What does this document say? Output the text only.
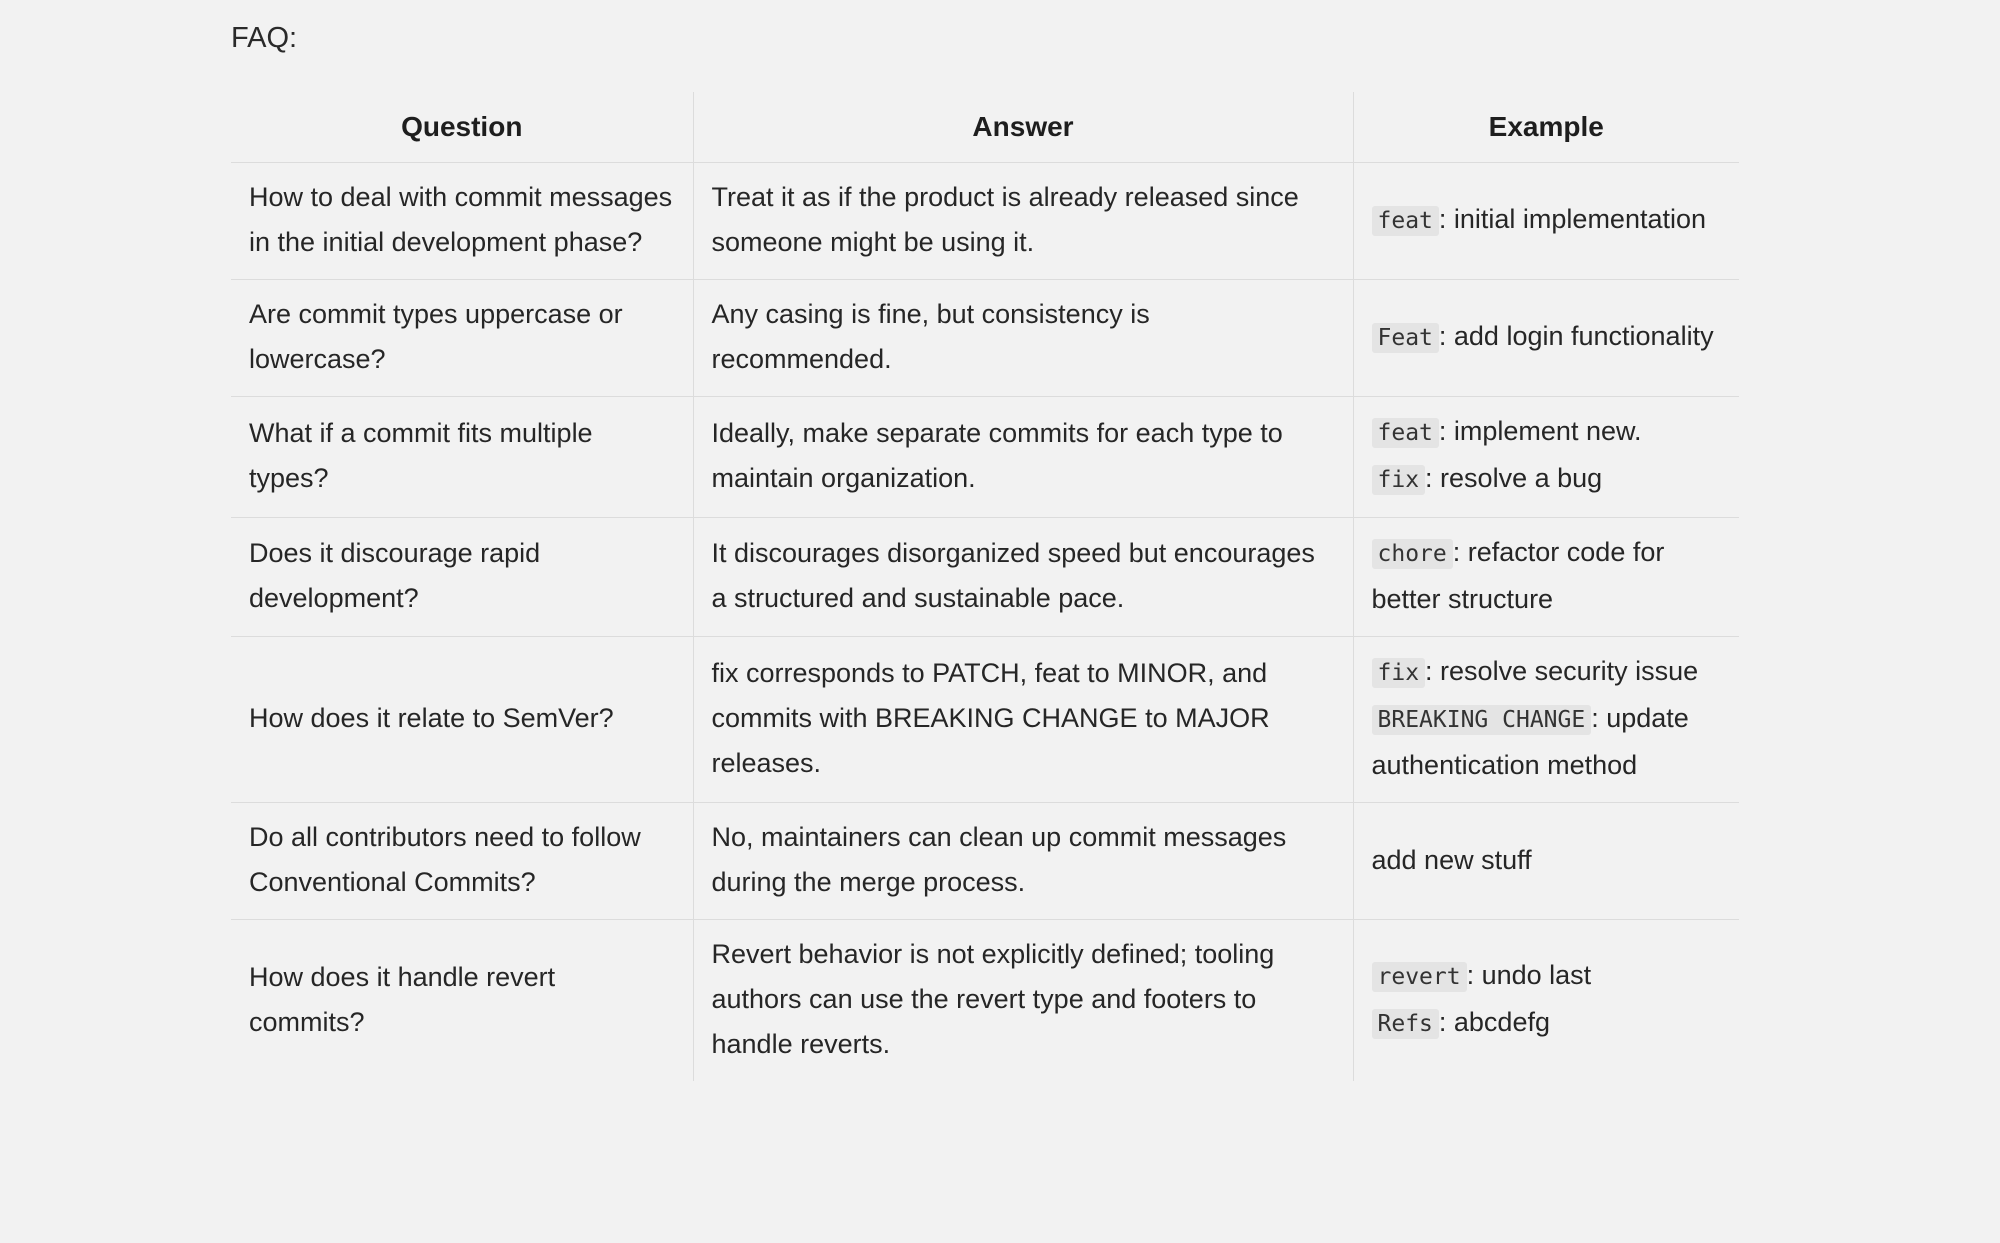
FAQ:
Question	Answer	Example
How to deal with commit messages in the initial development phase?	Treat it as if the product is already released since someone might be using it.	feat : initial implementation

Are commit types uppercase or lowercase?	Any casing is fine, but consistency is recommended.	Feat : add login functionality

What if a commit fits multiple types?	Ideally, make separate commits for each type to maintain organization.	feat : implement new.
fix : resolve a bug

Does it discourage rapid development?	It discourages disorganized speed but encourages a structured and sustainable pace.	chore : refactor code for better structure

How does it relate to SemVer?	fix corresponds to PATCH, feat to MINOR, and commits with BREAKING CHANGE to MAJOR releases.	fix : resolve security issue
BREAKING CHANGE : update authentication method

Do all contributors need to follow Conventional Commits?	No, maintainers can clean up commit messages during the merge process.	add new stuff

How does it handle revert commits?	Revert behavior is not explicitly defined; tooling authors can use the revert type and footers to handle reverts.	revert : undo last
Refs : abcdefg
